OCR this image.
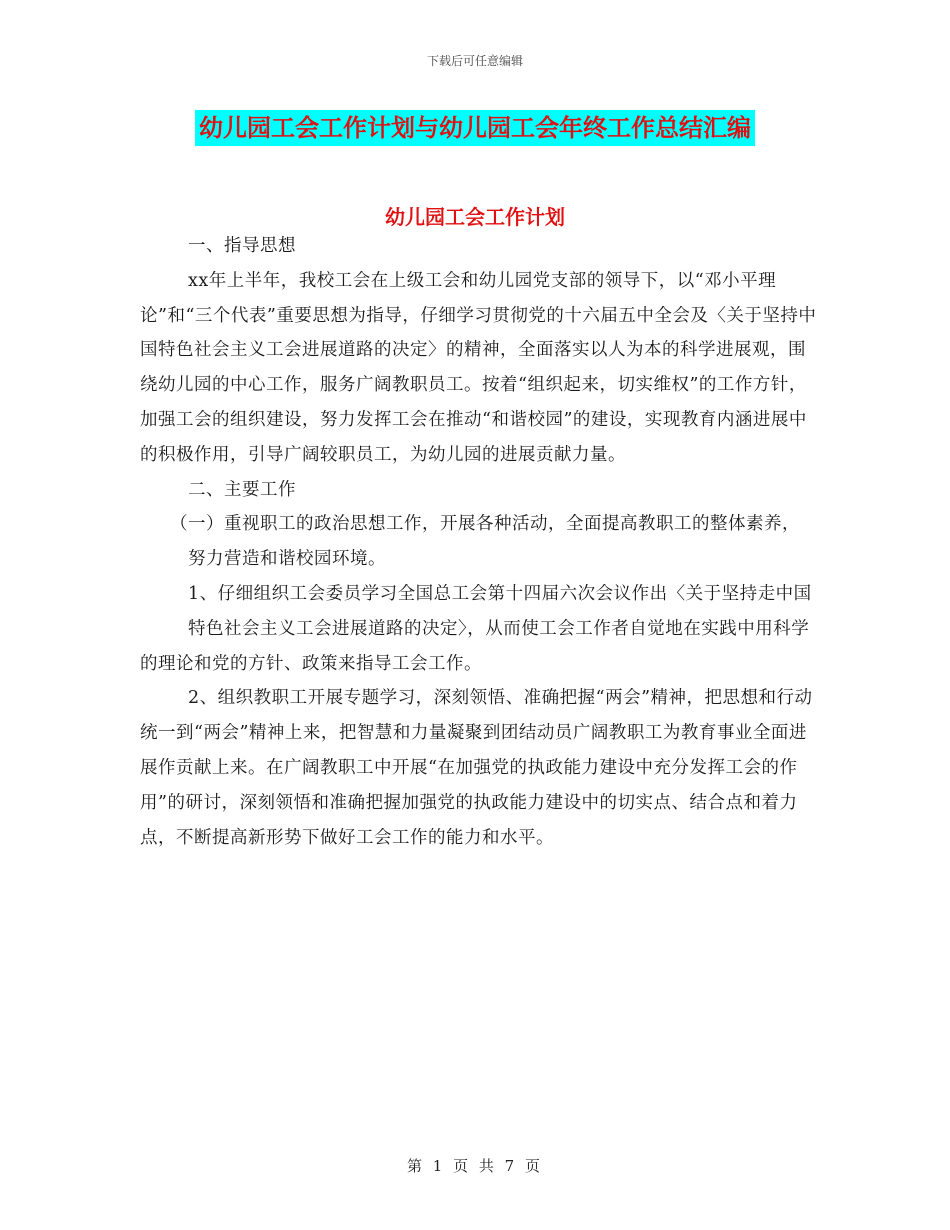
下载后可任意编辑
幼儿园工会工作计划与幼儿园工会年终工作总结汇编
幼儿园工会工作计划

一、指导思想

xx年上半年，我校工会在上级工会和幼儿园党支部的领导下，以“邓小平理论”和“三个代表”重要思想为指导，仔细学习贯彻党的十六届五中全会及〈关于坚持中国特色社会主义工会进展道路的决定〉的精神，全面落实以人为本的科学进展观，围绕幼儿园的中心工作，服务广阔教职员工。按着“组织起来，切实维权”的工作方针，加强工会的组织建设，努力发挥工会在推动“和谐校园”的建设，实现教育内涵进展中的积极作用，引导广阔较职员工，为幼儿园的进展贡献力量。

二、主要工作

（一）重视职工的政治思想工作，开展各种活动，全面提高教职工的整体素养，

努力营造和谐校园环境。

1、仔细组织工会委员学习全国总工会第十四届六次会议作出〈关于坚持走中国

特色社会主义工会进展道路的决定〉，从而使工会工作者自觉地在实践中用科学的理论和党的方针、政策来指导工会工作。

2、组织教职工开展专题学习，深刻领悟、准确把握“两会”精神，把思想和行动统一到“两会”精神上来，把智慧和力量凝聚到团结动员广阔教职工为教育事业全面进展作贡献上来。在广阔教职工中开展“在加强党的执政能力建设中充分发挥工会的作用”的研讨，深刻领悟和准确把握加强党的执政能力建设中的切实点、结合点和着力点，不断提高新形势下做好工会工作的能力和水平。

第 1 页 共 7 页
